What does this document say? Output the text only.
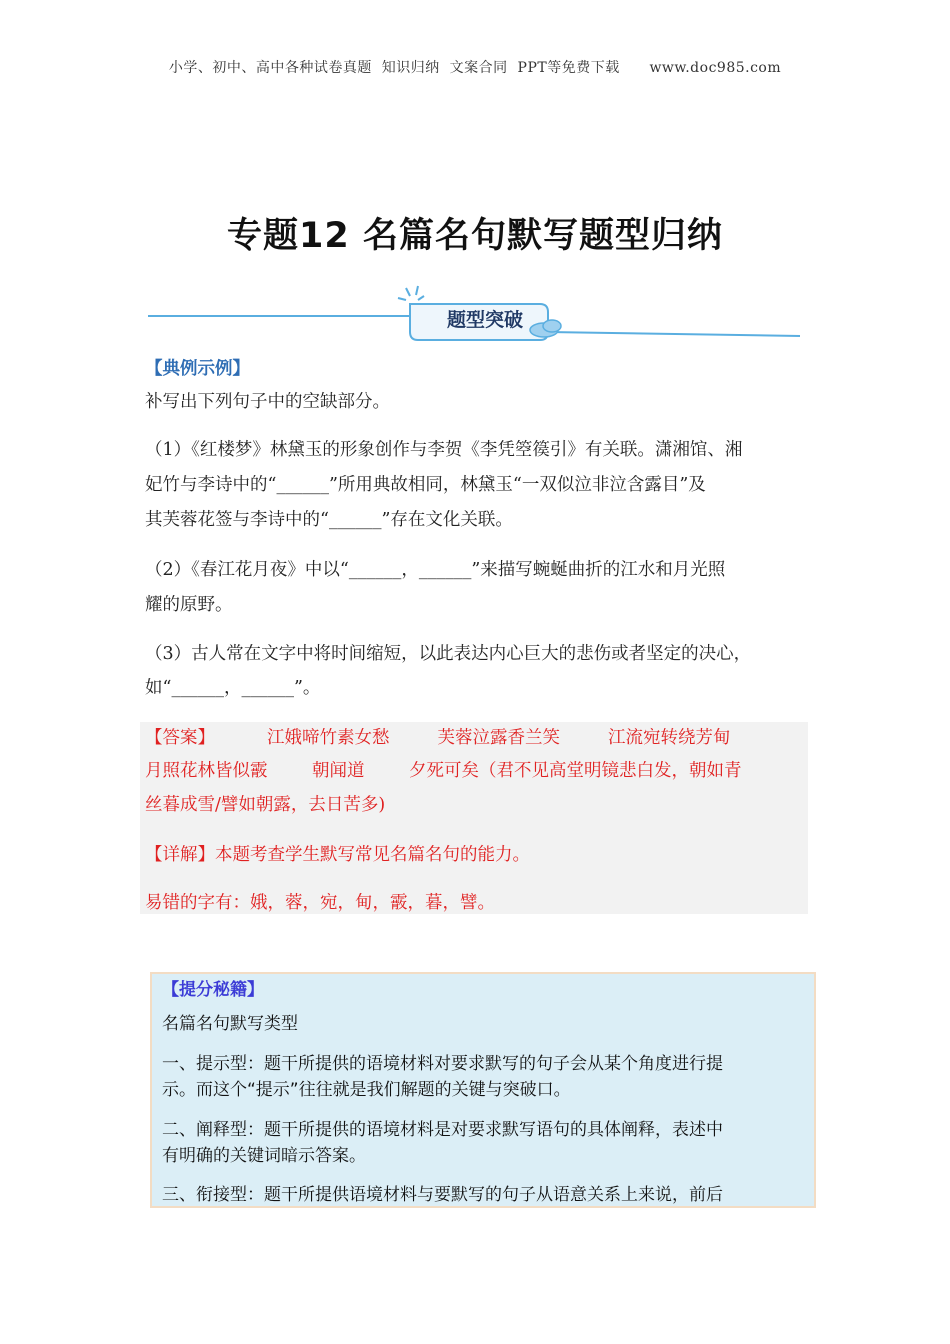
小学、初中、高中各种试卷真题  知识归纳  文案合同  PPT等免费下载      www.doc985.com
专题12 名篇名句默写题型归纳
题型突破
【典例示例】
补写出下列句子中的空缺部分。
（1）《红楼梦》林黛玉的形象创作与李贺《李凭箜篌引》有关联。潇湘馆、湘
妃竹与李诗中的“______”所用典故相同，林黛玉“一双似泣非泣含露目”及
其芙蓉花签与李诗中的“______”存在文化关联。
（2）《春江花月夜》中以“______，______”来描写蜿蜒曲折的江水和月光照
耀的原野。
（3）古人常在文字中将时间缩短，以此表达内心巨大的悲伤或者坚定的决心，
如“______，______”。
【答案】	江娥啼竹素女愁	芙蓉泣露香兰笑	江流宛转绕芳甸
月照花林皆似霰        朝闻道        夕死可矣（君不见高堂明镜悲白发，朝如青
丝暮成雪/譬如朝露，去日苦多)
【详解】本题考查学生默写常见名篇名句的能力。
易错的字有：娥，蓉，宛，甸，霰，暮，譬。
【提分秘籍】
名篇名句默写类型
一、提示型：题干所提供的语境材料对要求默写的句子会从某个角度进行提
示。而这个“提示”往往就是我们解题的关键与突破口。
二、阐释型：题干所提供的语境材料是对要求默写语句的具体阐释，表述中
有明确的关键词暗示答案。
三、衔接型：题干所提供语境材料与要默写的句子从语意关系上来说，前后
